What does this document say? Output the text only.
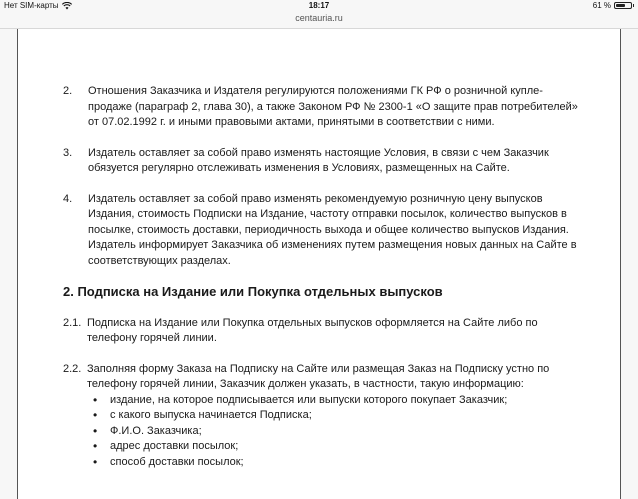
Нет SIM-карты	18:17	61 %
centauria.ru
2.	Отношения Заказчика и Издателя регулируются положениями ГК РФ о розничной купле-продаже (параграф 2, глава 30), а также Законом РФ № 2300-1 «О защите прав потребителей» от 07.02.1992 г. и иными правовыми актами, принятыми в соответствии с ними.
3.	Издатель оставляет за собой право изменять настоящие Условия, в связи с чем Заказчик обязуется регулярно отслеживать изменения в Условиях, размещенных на Сайте.
4.	Издатель оставляет за собой право изменять рекомендуемую розничную цену выпусков Издания, стоимость Подписки на Издание, частоту отправки посылок, количество выпусков в посылке, стоимость доставки, периодичность выхода и общее количество выпусков Издания. Издатель информирует Заказчика об изменениях путем размещения новых данных на Сайте в соответствующих разделах.
2. Подписка на Издание или Покупка отдельных выпусков
2.1. Подписка на Издание или Покупка отдельных выпусков оформляется на Сайте либо по телефону горячей линии.
2.2. Заполняя форму Заказа на Подписку на Сайте или размещая Заказ на Подписку устно по телефону горячей линии, Заказчик должен указать, в частности, такую информацию:
• издание, на которое подписывается или выпуски которого покупает Заказчик;
• с какого выпуска начинается Подписка;
• Ф.И.О. Заказчика;
• адрес доставки посылок;
• способ доставки посылок;
